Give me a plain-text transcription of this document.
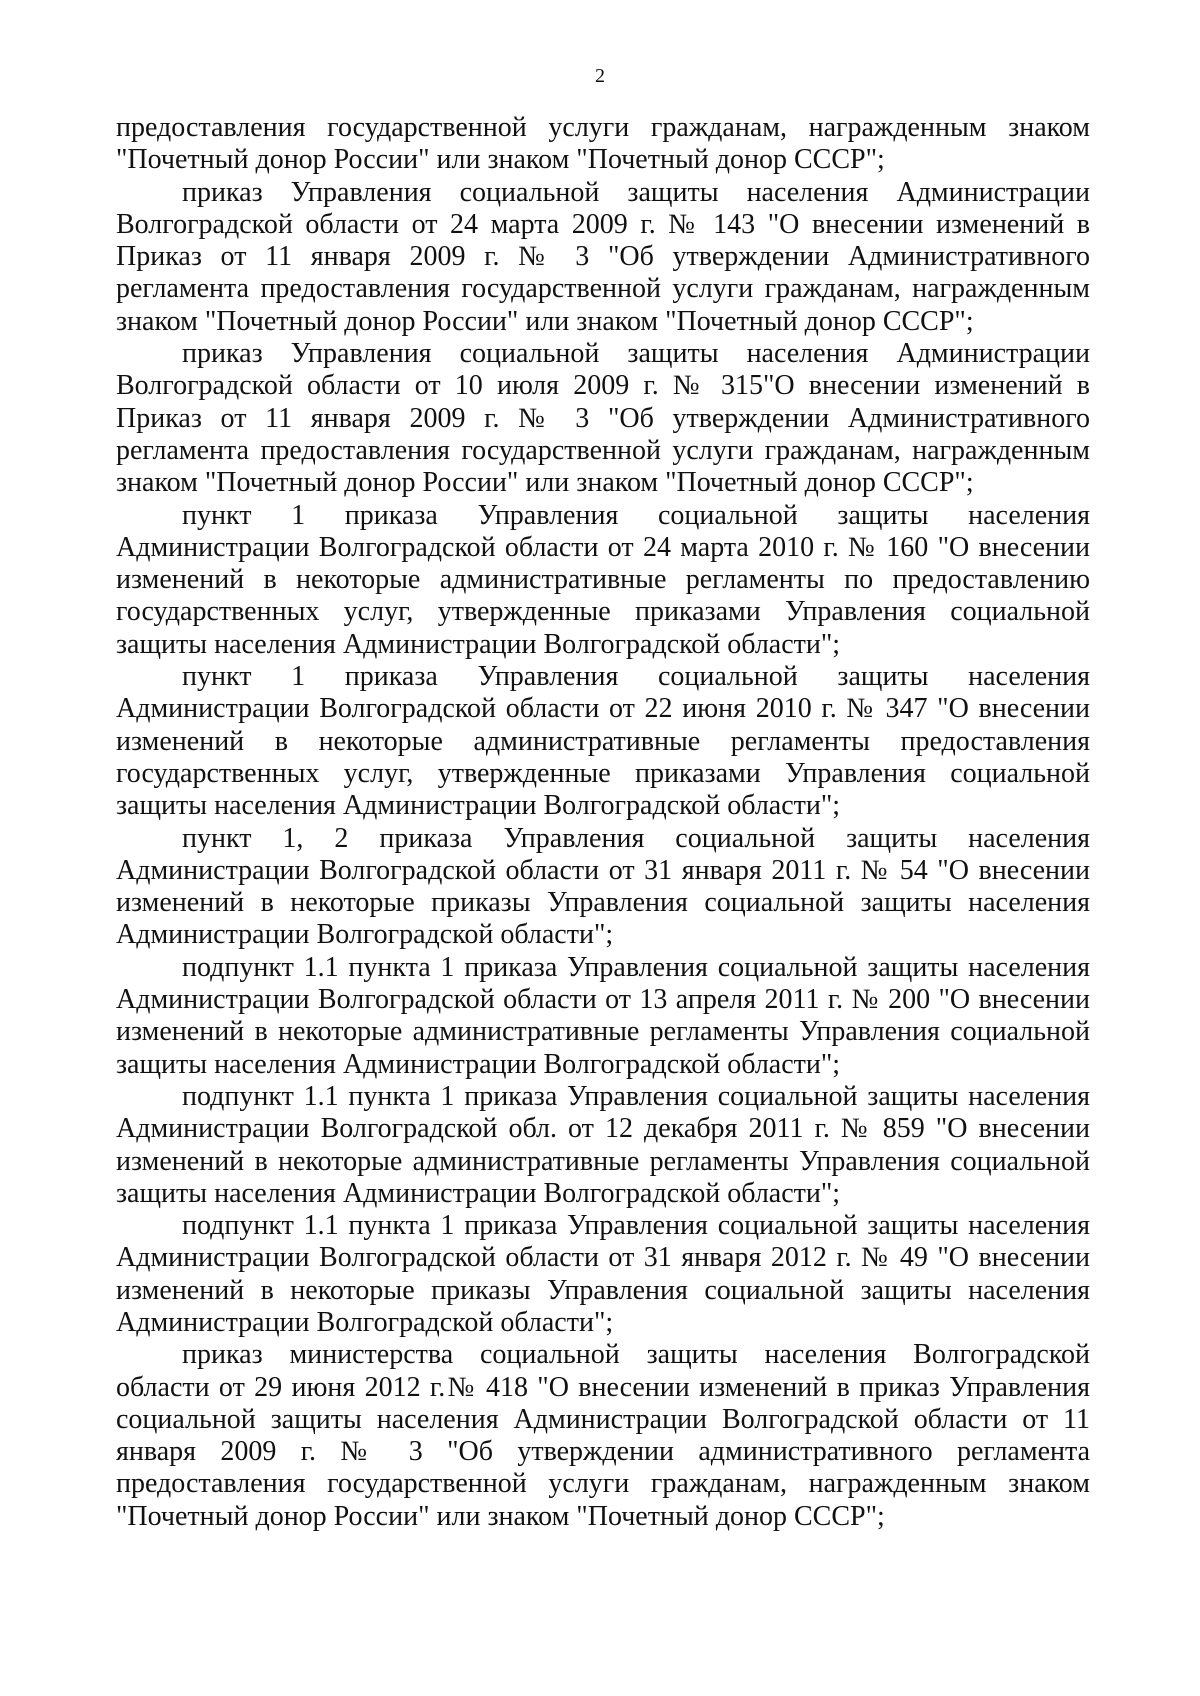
2

предоставления государственной услуги гражданам, награжденным знаком "Почетный донор России" или знаком "Почетный донор СССР";

приказ Управления социальной защиты населения Администрации Волгоградской области от 24 марта 2009 г. № 143 "О внесении изменений в Приказ от 11 января 2009 г. № 3 "Об утверждении Административного регламента предоставления государственной услуги гражданам, награжденным знаком "Почетный донор России" или знаком "Почетный донор СССР";

приказ Управления социальной защиты населения Администрации Волгоградской области от 10 июля 2009 г. № 315"О внесении изменений в Приказ от 11 января 2009 г. № 3 "Об утверждении Административного регламента предоставления государственной услуги гражданам, награжденным знаком "Почетный донор России" или знаком "Почетный донор СССР";

пункт 1 приказа Управления социальной защиты населения Администрации Волгоградской области от 24 марта 2010 г. № 160 "О внесении изменений в некоторые административные регламенты по предоставлению государственных услуг, утвержденные приказами Управления социальной защиты населения Администрации Волгоградской области";

пункт 1 приказа Управления социальной защиты населения Администрации Волгоградской области от 22 июня 2010 г. № 347 "О внесении изменений в некоторые административные регламенты предоставления государственных услуг, утвержденные приказами Управления социальной защиты населения Администрации Волгоградской области";

пункт 1, 2 приказа Управления социальной защиты населения Администрации Волгоградской области от 31 января 2011 г. № 54 "О внесении изменений в некоторые приказы Управления социальной защиты населения Администрации Волгоградской области";

подпункт 1.1 пункта 1 приказа Управления социальной защиты населения Администрации Волгоградской области от 13 апреля 2011 г. № 200 "О внесении изменений в некоторые административные регламенты Управления социальной защиты населения Администрации Волгоградской области";

подпункт 1.1 пункта 1 приказа Управления социальной защиты населения Администрации Волгоградской обл. от 12 декабря 2011 г. № 859 "О внесении изменений в некоторые административные регламенты Управления социальной защиты населения Администрации Волгоградской области";

подпункт 1.1 пункта 1 приказа Управления социальной защиты населения Администрации Волгоградской области от 31 января 2012 г. № 49 "О внесении изменений в некоторые приказы Управления социальной защиты населения Администрации Волгоградской области";

приказ министерства социальной защиты населения Волгоградской области от 29 июня 2012 г.№ 418 "О внесении изменений в приказ Управления социальной защиты населения Администрации Волгоградской области от 11 января 2009 г. № 3 "Об утверждении административного регламента предоставления государственной услуги гражданам, награжденным знаком "Почетный донор России" или знаком "Почетный донор СССР";
